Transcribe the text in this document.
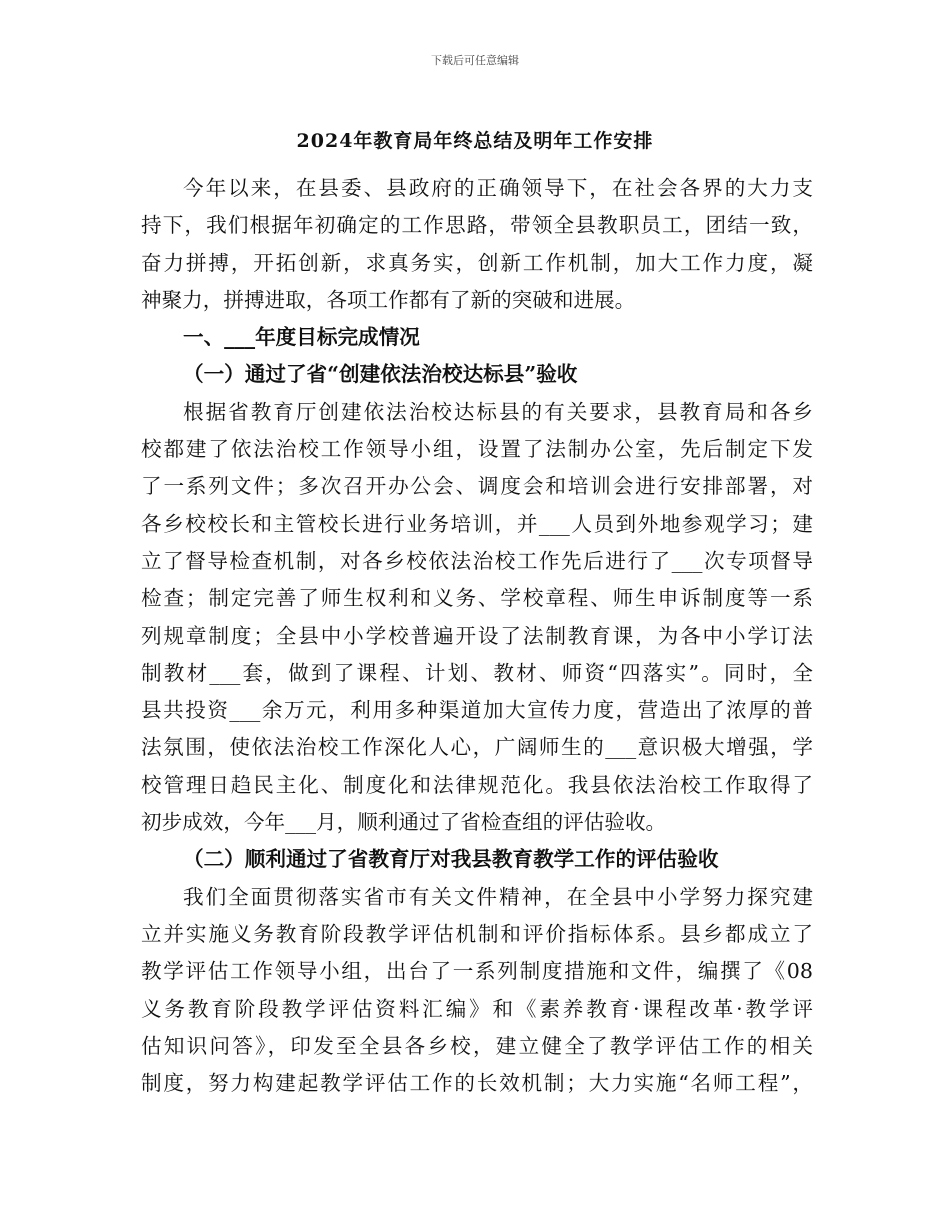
下载后可任意编辑
2024年教育局年终总结及明年工作安排
今年以来，在县委、县政府的正确领导下，在社会各界的大力支
持下，我们根据年初确定的工作思路，带领全县教职员工，团结一致，
奋力拼搏，开拓创新，求真务实，创新工作机制，加大工作力度，凝
神聚力，拼搏进取，各项工作都有了新的突破和进展。
一、___年度目标完成情况
（一）通过了省“创建依法治校达标县”验收
根据省教育厅创建依法治校达标县的有关要求，县教育局和各乡
校都建了依法治校工作领导小组，设置了法制办公室，先后制定下发
了一系列文件；多次召开办公会、调度会和培训会进行安排部署，对
各乡校校长和主管校长进行业务培训，并___人员到外地参观学习；建
立了督导检查机制，对各乡校依法治校工作先后进行了___次专项督导
检查；制定完善了师生权利和义务、学校章程、师生申诉制度等一系
列规章制度；全县中小学校普遍开设了法制教育课，为各中小学订法
制教材___套，做到了课程、计划、教材、师资“四落实”。同时，全
县共投资___余万元，利用多种渠道加大宣传力度，营造出了浓厚的普
法氛围，使依法治校工作深化人心，广阔师生的___意识极大增强，学
校管理日趋民主化、制度化和法律规范化。我县依法治校工作取得了
初步成效，今年___月，顺利通过了省检查组的评估验收。
（二）顺利通过了省教育厅对我县教育教学工作的评估验收
我们全面贯彻落实省市有关文件精神，在全县中小学努力探究建
立并实施义务教育阶段教学评估机制和评价指标体系。县乡都成立了
教学评估工作领导小组，出台了一系列制度措施和文件，编撰了《08
义务教育阶段教学评估资料汇编》和《素养教育·课程改革·教学评
估知识问答》，印发至全县各乡校，建立健全了教学评估工作的相关
制度，努力构建起教学评估工作的长效机制；大力实施“名师工程”，
